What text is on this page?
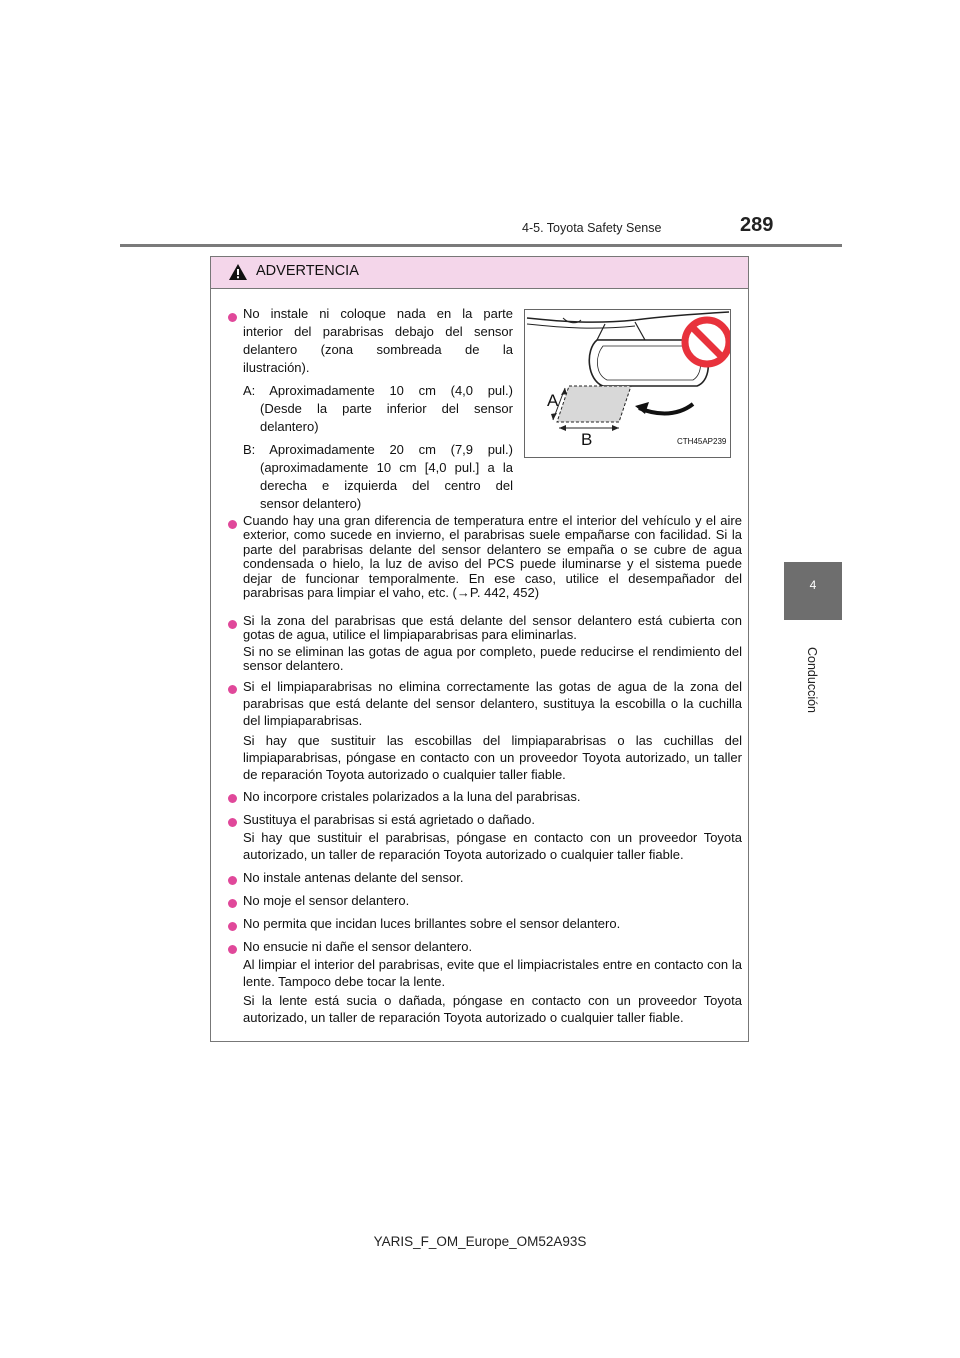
4-5. Toyota Safety Sense	289
4
Conducción
ADVERTENCIA
No instale ni coloque nada en la parte
interior del parabrisas debajo del sensor
delantero (zona sombreada de la
ilustración).
A: Aproximadamente 10 cm (4,0 pul.)
(Desde la parte inferior del sensor
delantero)
B: Aproximadamente 20 cm (7,9 pul.)
(aproximadamente 10 cm [4,0 pul.] a la
derecha e izquierda del centro del
sensor delantero)
A
B	CTH45AP239
Cuando hay una gran diferencia de temperatura entre el interior del vehículo y el aire exterior, como sucede en invierno, el parabrisas suele empañarse con facilidad. Si la parte del parabrisas delante del sensor delantero se empaña o se cubre de agua condensada o hielo, la luz de aviso del PCS puede iluminarse y el sistema puede dejar de funcionar temporalmente. En ese caso, utilice el desempañador del parabrisas para limpiar el vaho, etc. (→P. 442, 452)
Si la zona del parabrisas que está delante del sensor delantero está cubierta con gotas de agua, utilice el limpiaparabrisas para eliminarlas.
Si no se eliminan las gotas de agua por completo, puede reducirse el rendimiento del sensor delantero.
Si el limpiaparabrisas no elimina correctamente las gotas de agua de la zona del parabrisas que está delante del sensor delantero, sustituya la escobilla o la cuchilla del limpiaparabrisas.
Si hay que sustituir las escobillas del limpiaparabrisas o las cuchillas del limpiaparabrisas, póngase en contacto con un proveedor Toyota autorizado, un taller de reparación Toyota autorizado o cualquier taller fiable.
No incorpore cristales polarizados a la luna del parabrisas.
Sustituya el parabrisas si está agrietado o dañado.
Si hay que sustituir el parabrisas, póngase en contacto con un proveedor Toyota autorizado, un taller de reparación Toyota autorizado o cualquier taller fiable.
No instale antenas delante del sensor.
No moje el sensor delantero.
No permita que incidan luces brillantes sobre el sensor delantero.
No ensucie ni dañe el sensor delantero.
Al limpiar el interior del parabrisas, evite que el limpiacristales entre en contacto con la lente. Tampoco debe tocar la lente.
Si la lente está sucia o dañada, póngase en contacto con un proveedor Toyota autorizado, un taller de reparación Toyota autorizado o cualquier taller fiable.
YARIS_F_OM_Europe_OM52A93S
